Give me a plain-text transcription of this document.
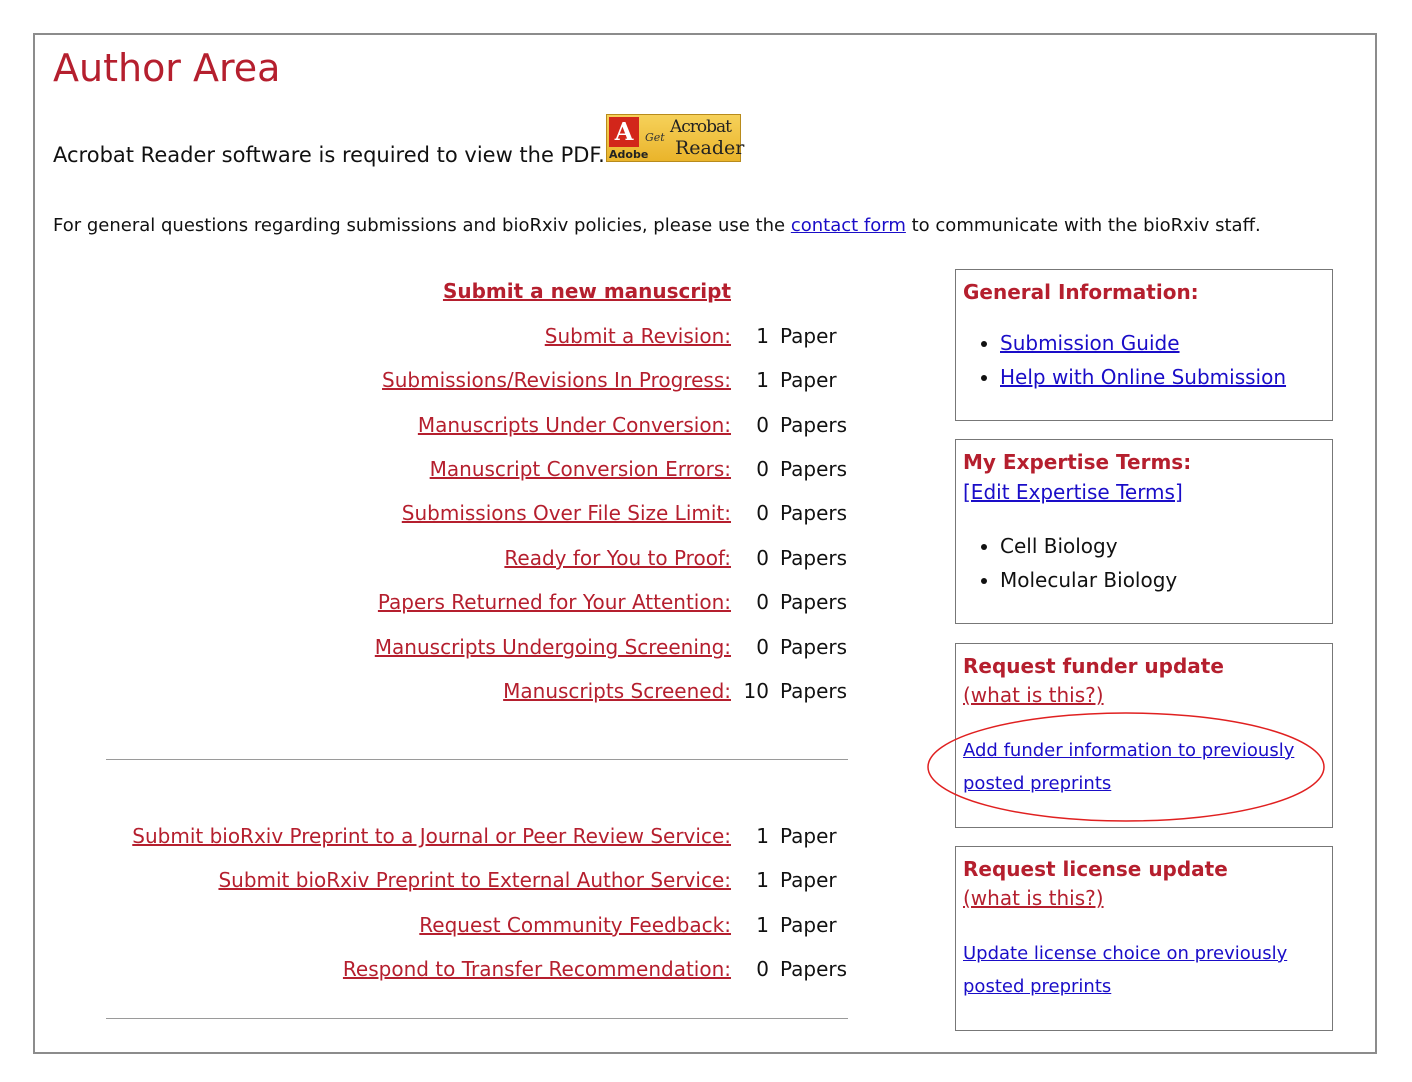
Author Area
Acrobat Reader software is required to view the PDF.
A
Adobe
Get
Acrobat
Reader
For general questions regarding submissions and bioRxiv policies, please use the contact form to communicate with the bioRxiv staff.
Submit a new manuscript
Submit a Revision:	1 Paper
Submissions/Revisions In Progress:	1 Paper
Manuscripts Under Conversion:	0 Papers
Manuscript Conversion Errors:	0 Papers
Submissions Over File Size Limit:	0 Papers
Ready for You to Proof:	0 Papers
Papers Returned for Your Attention:	0 Papers
Manuscripts Undergoing Screening:	0 Papers
Manuscripts Screened: 10 Papers
Submit bioRxiv Preprint to a Journal or Peer Review Service:	1 Paper
Submit bioRxiv Preprint to External Author Service:	1 Paper
Request Community Feedback:	1 Paper
Respond to Transfer Recommendation:	0 Papers
General Information:
• Submission Guide
• Help with Online Submission
My Expertise Terms:
[Edit Expertise Terms]
• Cell Biology
• Molecular Biology
Request funder update
(what is this?)
Add funder information to previously posted preprints
Request license update
(what is this?)
Update license choice on previously posted preprints
